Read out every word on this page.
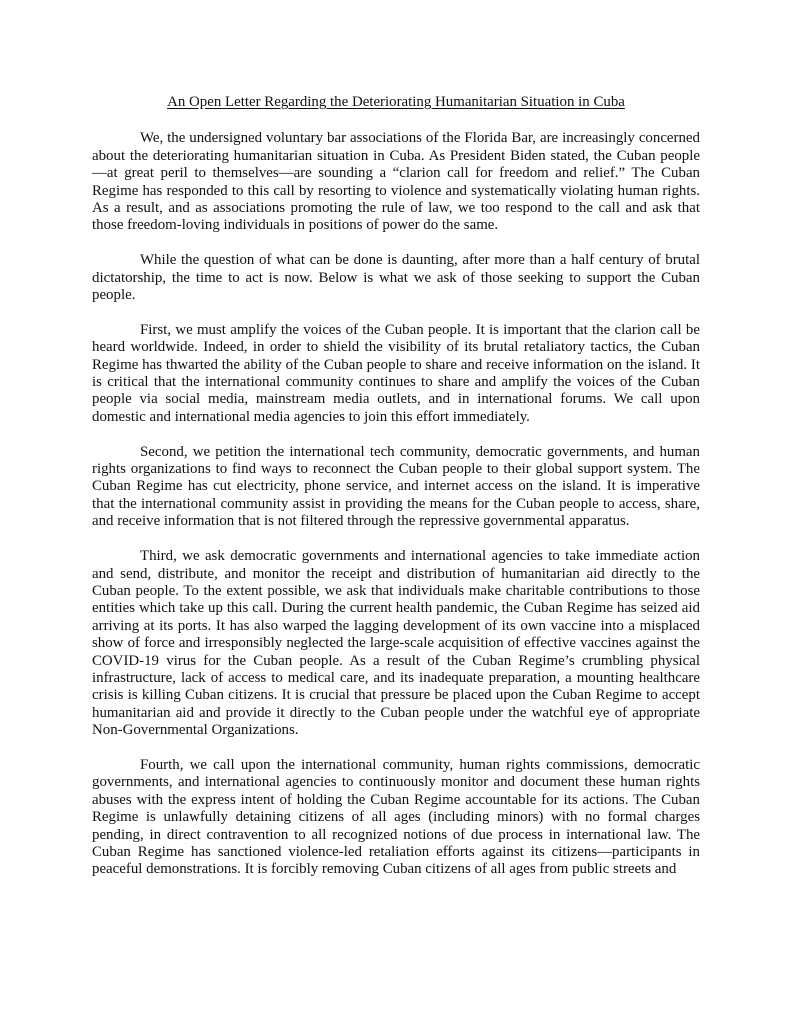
An Open Letter Regarding the Deteriorating Humanitarian Situation in Cuba

We, the undersigned voluntary bar associations of the Florida Bar, are increasingly concerned about the deteriorating humanitarian situation in Cuba. As President Biden stated, the Cuban people—at great peril to themselves—are sounding a “clarion call for freedom and relief.” The Cuban Regime has responded to this call by resorting to violence and systematically violating human rights. As a result, and as associations promoting the rule of law, we too respond to the call and ask that those freedom-loving individuals in positions of power do the same.

While the question of what can be done is daunting, after more than a half century of brutal dictatorship, the time to act is now. Below is what we ask of those seeking to support the Cuban people.

First, we must amplify the voices of the Cuban people. It is important that the clarion call be heard worldwide. Indeed, in order to shield the visibility of its brutal retaliatory tactics, the Cuban Regime has thwarted the ability of the Cuban people to share and receive information on the island. It is critical that the international community continues to share and amplify the voices of the Cuban people via social media, mainstream media outlets, and in international forums. We call upon domestic and international media agencies to join this effort immediately.

Second, we petition the international tech community, democratic governments, and human rights organizations to find ways to reconnect the Cuban people to their global support system. The Cuban Regime has cut electricity, phone service, and internet access on the island. It is imperative that the international community assist in providing the means for the Cuban people to access, share, and receive information that is not filtered through the repressive governmental apparatus.

Third, we ask democratic governments and international agencies to take immediate action and send, distribute, and monitor the receipt and distribution of humanitarian aid directly to the Cuban people. To the extent possible, we ask that individuals make charitable contributions to those entities which take up this call. During the current health pandemic, the Cuban Regime has seized aid arriving at its ports. It has also warped the lagging development of its own vaccine into a misplaced show of force and irresponsibly neglected the large-scale acquisition of effective vaccines against the COVID-19 virus for the Cuban people. As a result of the Cuban Regime’s crumbling physical infrastructure, lack of access to medical care, and its inadequate preparation, a mounting healthcare crisis is killing Cuban citizens. It is crucial that pressure be placed upon the Cuban Regime to accept humanitarian aid and provide it directly to the Cuban people under the watchful eye of appropriate Non-Governmental Organizations.

Fourth, we call upon the international community, human rights commissions, democratic governments, and international agencies to continuously monitor and document these human rights abuses with the express intent of holding the Cuban Regime accountable for its actions. The Cuban Regime is unlawfully detaining citizens of all ages (including minors) with no formal charges pending, in direct contravention to all recognized notions of due process in international law. The Cuban Regime has sanctioned violence-led retaliation efforts against its citizens—participants in peaceful demonstrations. It is forcibly removing Cuban citizens of all ages from public streets and
